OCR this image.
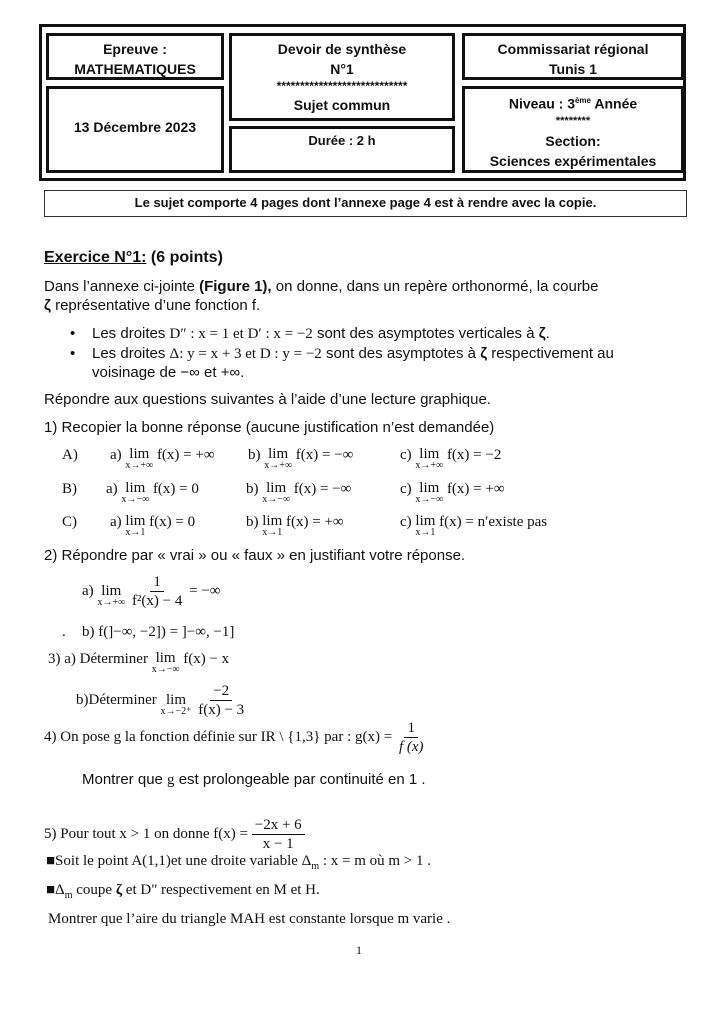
Epreuve :
MATHEMATIQUES
13 Décembre 2023
Devoir de synthèse
N°1
****************************
Sujet commun
Durée : 2 h
Commissariat régional
Tunis 1
Niveau : 3ème Année
********
Section:
Sciences expérimentales
Le sujet comporte 4 pages dont l’annexe page 4 est à rendre avec la copie.
Exercice N°1: (6 points)
Dans l’annexe ci-jointe (Figure 1), on donne, dans un repère orthonormé, la courbe
ζ représentative d’une fonction f.
• Les droites D″ : x = 1 et D′ : x = −2 sont des asymptotes verticales à ζ.
• Les droites Δ: y = x + 3 et D : y = −2 sont des asymptotes à ζ respectivement au
voisinage de −∞ et +∞.
Répondre aux questions suivantes à l’aide d’une lecture graphique.
1) Recopier la bonne réponse (aucune justification n’est demandée)
A) a) lim
x→+∞
f(x) = +∞ b) lim
x→+∞
f(x) = −∞	c) lim
x→+∞
f(x) = −2
B) a) lim
x→−∞
f(x) = 0	b) lim
x→−∞
f(x) = −∞	c) lim
x→−∞
f(x) = +∞
C) a) lim
x→1
f(x) = 0	b) lim
x→1
f(x) = +∞	c) lim
x→1
f(x) = n′existe pas
2) Répondre par « vrai » ou « faux » en justifiant votre réponse.
a) lim
x→+∞
$\frac{1}{\text{f²(x) − 4}}$ = −∞
. b) f(]−∞, −2]) = ]−∞, −1]
3) a) Déterminer lim
x→−∞
f(x) − x
b)Déterminer lim
x→−2⁺
$\frac{-2}{f(x) - 3}$
4) On pose g la fonction définie sur IR \ {1,3} par : $g(x) = \frac{1}{f (x)}$
Montrer que g est prolongeable par continuité en 1 .
5) Pour tout x > 1 on donne $f(x) = \frac{-2x + 6}{x - 1}$
■Soit le point A(1,1)et une droite variable $\Delta_m$ : x = m où m > 1 .
$■\Delta_m$ coupe ζ et D" respectivement en M et H.
Montrer que l’aire du triangle MAH est constante lorsque m varie .
1
